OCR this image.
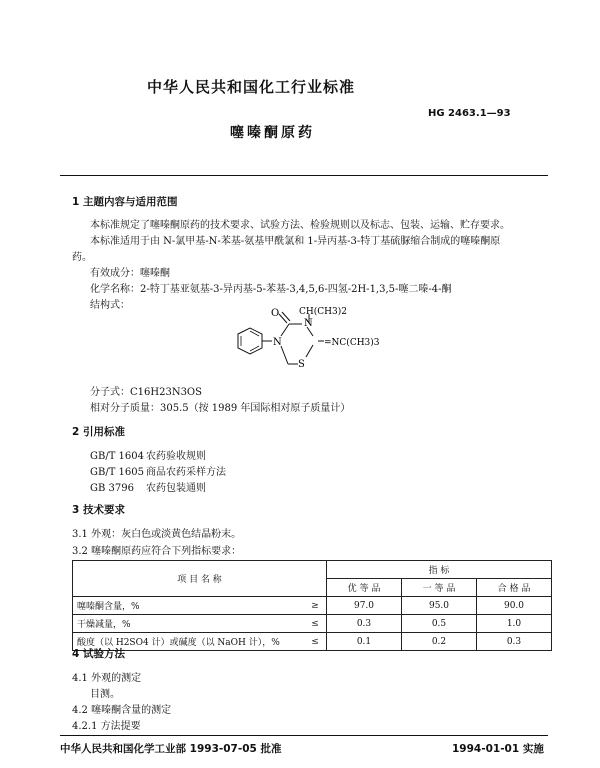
中华人民共和国化工行业标准
HG 2463.1—93
噻嗪酮原药
1 主题内容与适用范围
本标准规定了噻嗪酮原药的技术要求、试验方法、检验规则以及标志、包装、运输、贮存要求。
本标准适用于由 N-氯甲基-N-苯基-氨基甲酰氯和 1-异丙基-3-特丁基硫脲缩合制成的噻嗪酮原
药。
有效成分：噻嗪酮
化学名称：2-特丁基亚氨基-3-异丙基-5-苯基-3,4,5,6-四氢-2H-1,3,5-噻二嗪-4-酮
结构式：
O
N
N
S
CH(CH3)2
=NC(CH3)3
分子式：C16H23N3OS
相对分子质量：305.5（按 1989 年国际相对原子质量计）
2 引用标准
GB/T 1604 农药验收规则
GB/T 1605 商品农药采样方法
GB 3796 农药包装通则
3 技术要求
3.1 外观：灰白色或淡黄色结晶粉末。
3.2 噻嗪酮原药应符合下列指标要求：
项 目 名 称		指 标		
		优 等 品	一 等 品	合 格 品
噻嗪酮含量，%	≥	97.0	95.0	90.0
干燥减量，%	≤	0.3	0.5	1.0
酸度（以 H2SO4 计）或碱度（以 NaOH 计），%	≤	0.1	0.2	0.3
4 试验方法
4.1 外观的测定
目测。
4.2 噻嗪酮含量的测定
4.2.1 方法提要
中华人民共和国化学工业部 1993-07-05 批准	1994-01-01 实施
